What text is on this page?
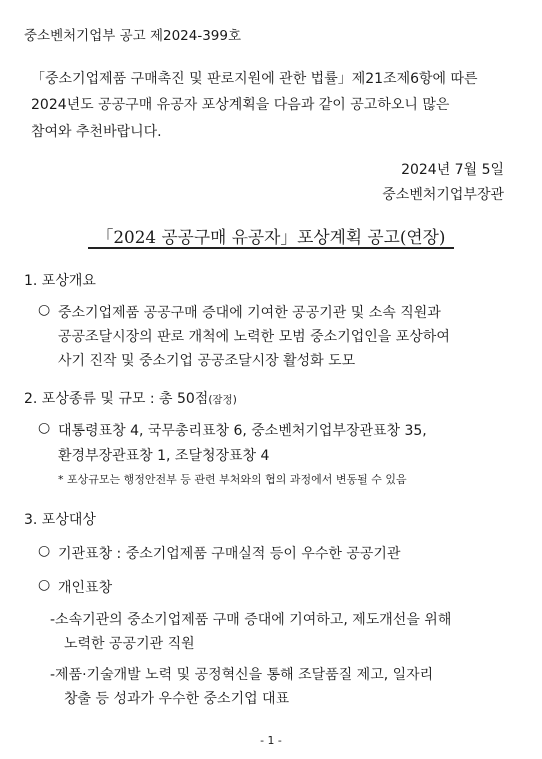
중소벤처기업부 공고 제2024-399호
「중소기업제품 구매촉진 및 판로지원에 관한 법률」제21조제6항에 따른
2024년도 공공구매 유공자 포상계획을 다음과 같이 공고하오니 많은
참여와 추천바랍니다.
2024년 7월 5일
중소벤처기업부장관
「2024 공공구매 유공자」포상계획 공고(연장)
1. 포상개요
○ 중소기업제품 공공구매 증대에 기여한 공공기관 및 소속 직원과
공공조달시장의 판로 개척에 노력한 모범 중소기업인을 포상하여
사기 진작 및 중소기업 공공조달시장 활성화 도모
2. 포상종류 및 규모 : 총 50점(잠정)
○ 대통령표창 4, 국무총리표창 6, 중소벤처기업부장관표창 35,
환경부장관표창 1, 조달청장표창 4
* 포상규모는 행정안전부 등 관련 부처와의 협의 과정에서 변동될 수 있음
3. 포상대상
○ 기관표창 : 중소기업제품 구매실적 등이 우수한 공공기관
○ 개인표창
-소속기관의 중소기업제품 구매 증대에 기여하고, 제도개선을 위해
노력한 공공기관 직원
-제품·기술개발 노력 및 공정혁신을 통해 조달품질 제고, 일자리
창출 등 성과가 우수한 중소기업 대표
- 1 -
